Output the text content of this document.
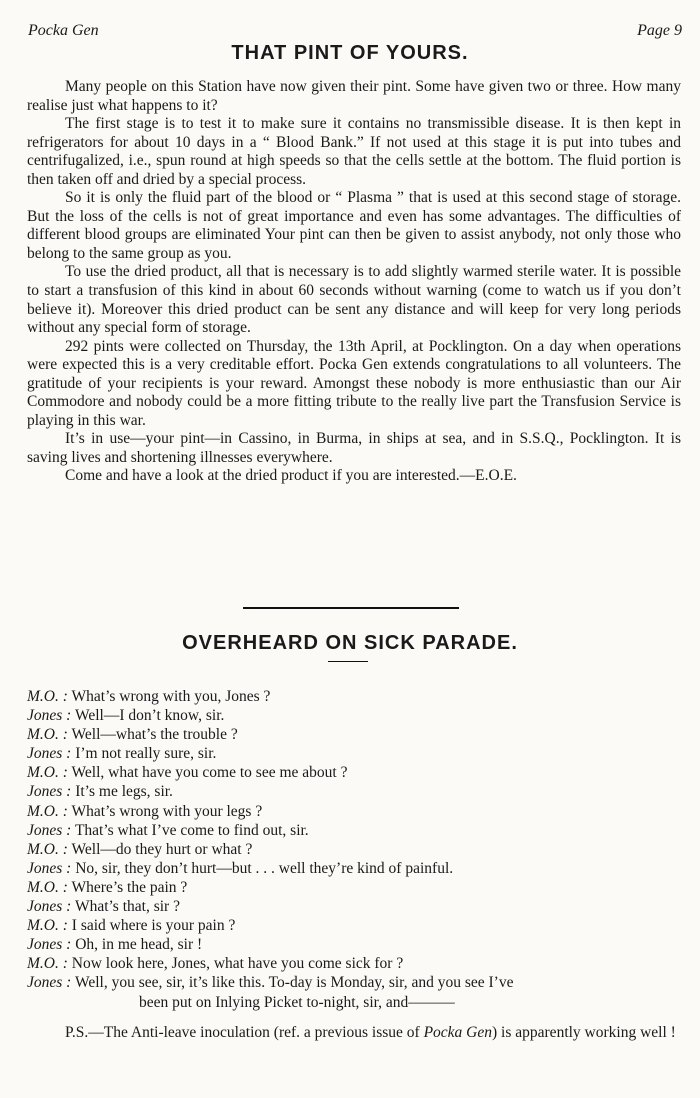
Pocka Gen	Page 9
THAT PINT OF YOURS.

Many people on this Station have now given their pint. Some have given two or three. How many realise just what happens to it?

The first stage is to test it to make sure it contains no transmissible disease. It is then kept in refrigerators for about 10 days in a “ Blood Bank.” If not used at this stage it is put into tubes and centrifugalized, i.e., spun round at high speeds so that the cells settle at the bottom. The fluid portion is then taken off and dried by a special process.

So it is only the fluid part of the blood or “ Plasma ” that is used at this second stage of storage. But the loss of the cells is not of great importance and even has some advantages. The difficulties of different blood groups are eliminated Your pint can then be given to assist anybody, not only those who belong to the same group as you.

To use the dried product, all that is necessary is to add slightly warmed sterile water. It is possible to start a transfusion of this kind in about 60 seconds without warning (come to watch us if you don’t believe it). Moreover this dried product can be sent any distance and will keep for very long periods without any special form of storage.

292 pints were collected on Thursday, the 13th April, at Pocklington. On a day when operations were expected this is a very creditable effort. Pocka Gen extends congratulations to all volunteers. The gratitude of your recipients is your reward. Amongst these nobody is more enthusiastic than our Air Commodore and nobody could be a more fitting tribute to the really live part the Transfusion Service is playing in this war.

It’s in use—your pint—in Cassino, in Burma, in ships at sea, and in S.S.Q., Pocklington. It is saving lives and shortening illnesses everywhere.

Come and have a look at the dried product if you are interested.—E.O.E.

OVERHEARD ON SICK PARADE.
M.O. : What’s wrong with you, Jones ?
Jones : Well—I don’t know, sir.
M.O. : Well—what’s the trouble ?
Jones : I’m not really sure, sir.
M.O. : Well, what have you come to see me about ?
Jones : It’s me legs, sir.
M.O. : What’s wrong with your legs ?
Jones : That’s what I’ve come to find out, sir.
M.O. : Well—do they hurt or what ?
Jones : No, sir, they don’t hurt—but . . . well they’re kind of painful.
M.O. : Where’s the pain ?
Jones : What’s that, sir ?
M.O. : I said where is your pain ?
Jones : Oh, in me head, sir !
M.O. : Now look here, Jones, what have you come sick for ?
Jones : Well, you see, sir, it’s like this. To-day is Monday, sir, and you see I’ve
been put on Inlying Picket to-night, sir, and———

P.S.—The Anti-leave inoculation (ref. a previous issue of Pocka Gen) is apparently working well !
